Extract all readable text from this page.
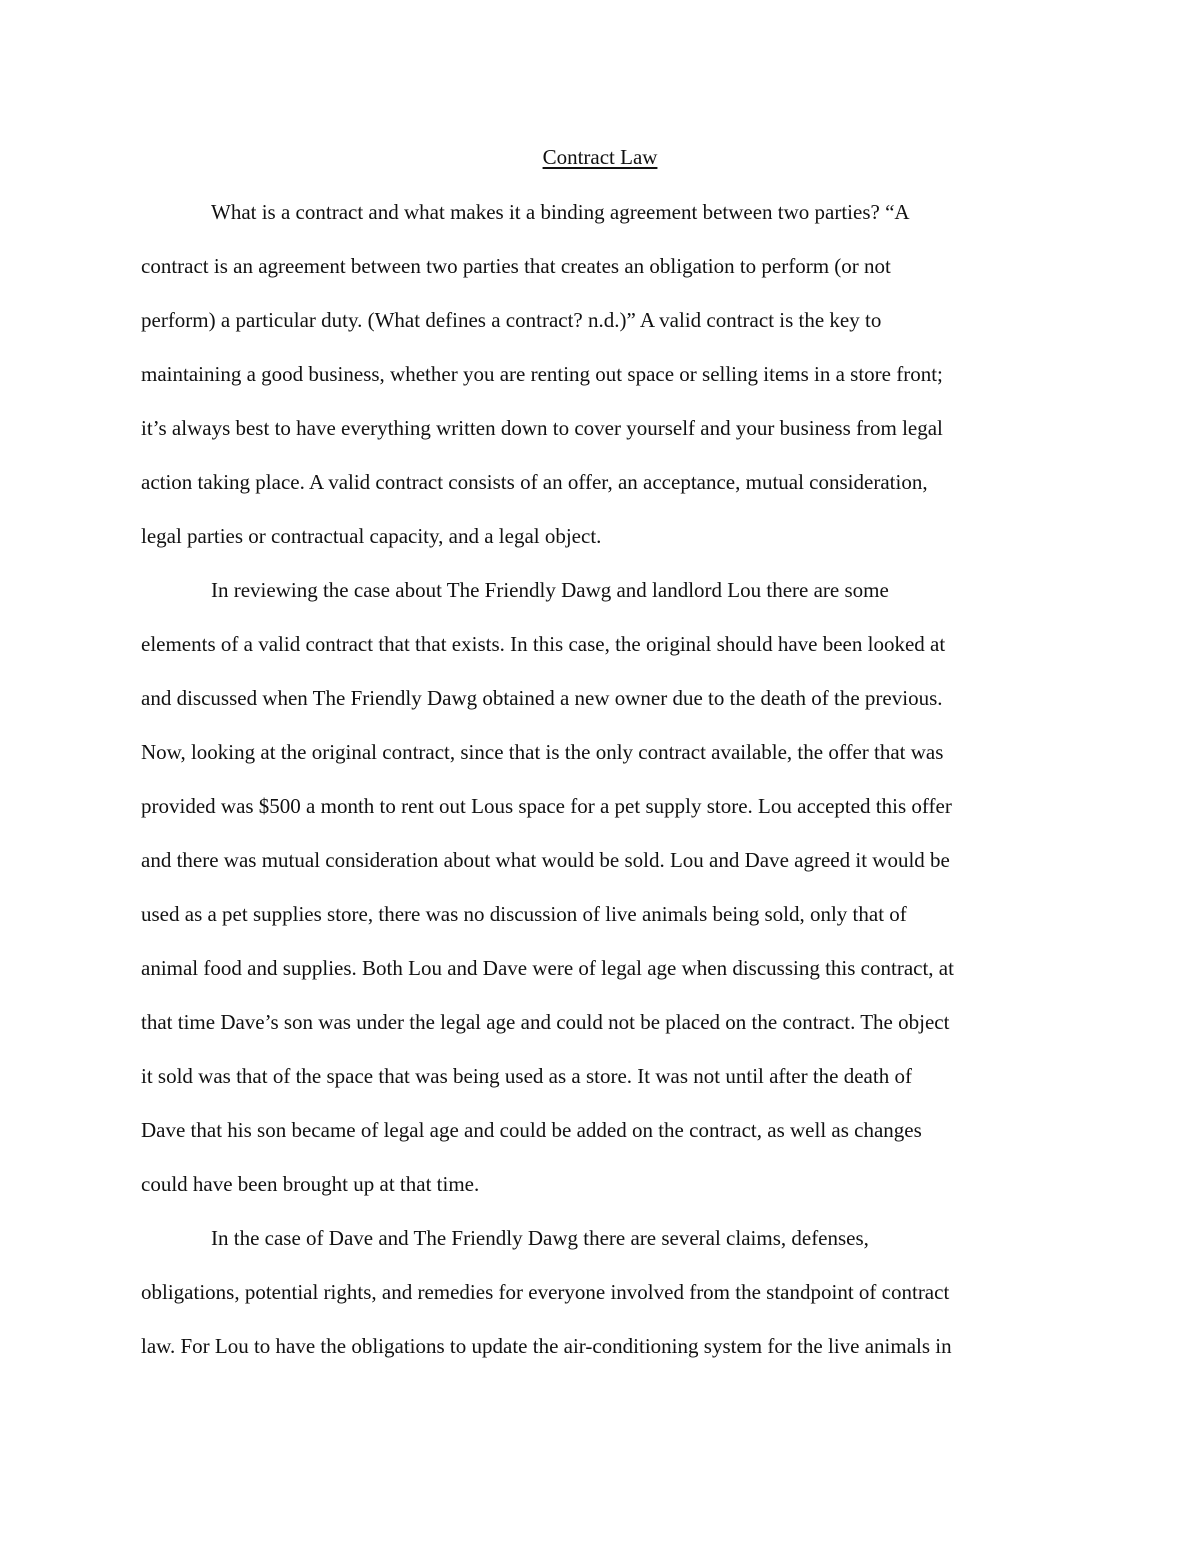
Contract Law
What is a contract and what makes it a binding agreement between two parties? “A
contract is an agreement between two parties that creates an obligation to perform (or not
perform) a particular duty. (What defines a contract? n.d.)” A valid contract is the key to
maintaining a good business, whether you are renting out space or selling items in a store front;
it’s always best to have everything written down to cover yourself and your business from legal
action taking place. A valid contract consists of an offer, an acceptance, mutual consideration,
legal parties or contractual capacity, and a legal object.
In reviewing the case about The Friendly Dawg and landlord Lou there are some
elements of a valid contract that that exists. In this case, the original should have been looked at
and discussed when The Friendly Dawg obtained a new owner due to the death of the previous.
Now, looking at the original contract, since that is the only contract available, the offer that was
provided was $500 a month to rent out Lous space for a pet supply store. Lou accepted this offer
and there was mutual consideration about what would be sold. Lou and Dave agreed it would be
used as a pet supplies store, there was no discussion of live animals being sold, only that of
animal food and supplies. Both Lou and Dave were of legal age when discussing this contract, at
that time Dave’s son was under the legal age and could not be placed on the contract. The object
it sold was that of the space that was being used as a store. It was not until after the death of
Dave that his son became of legal age and could be added on the contract, as well as changes
could have been brought up at that time.
In the case of Dave and The Friendly Dawg there are several claims, defenses,
obligations, potential rights, and remedies for everyone involved from the standpoint of contract
law. For Lou to have the obligations to update the air-conditioning system for the live animals in
